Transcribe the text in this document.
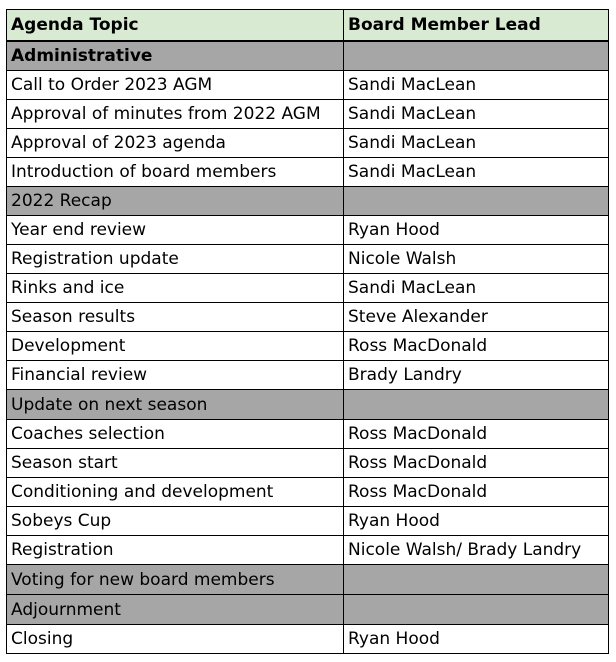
Agenda Topic	Board Member Lead
Administrative	
Call to Order 2023 AGM	Sandi MacLean
Approval of minutes from 2022 AGM	Sandi MacLean
Approval of 2023 agenda	Sandi MacLean
Introduction of board members	Sandi MacLean
2022 Recap	
Year end review	Ryan Hood
Registration update	Nicole Walsh
Rinks and ice	Sandi MacLean
Season results	Steve Alexander
Development	Ross MacDonald
Financial review	Brady Landry
Update on next season	
Coaches selection	Ross MacDonald
Season start	Ross MacDonald
Conditioning and development	Ross MacDonald
Sobeys Cup	Ryan Hood
Registration	Nicole Walsh/ Brady Landry
Voting for new board members	
Adjournment	
Closing	Ryan Hood
